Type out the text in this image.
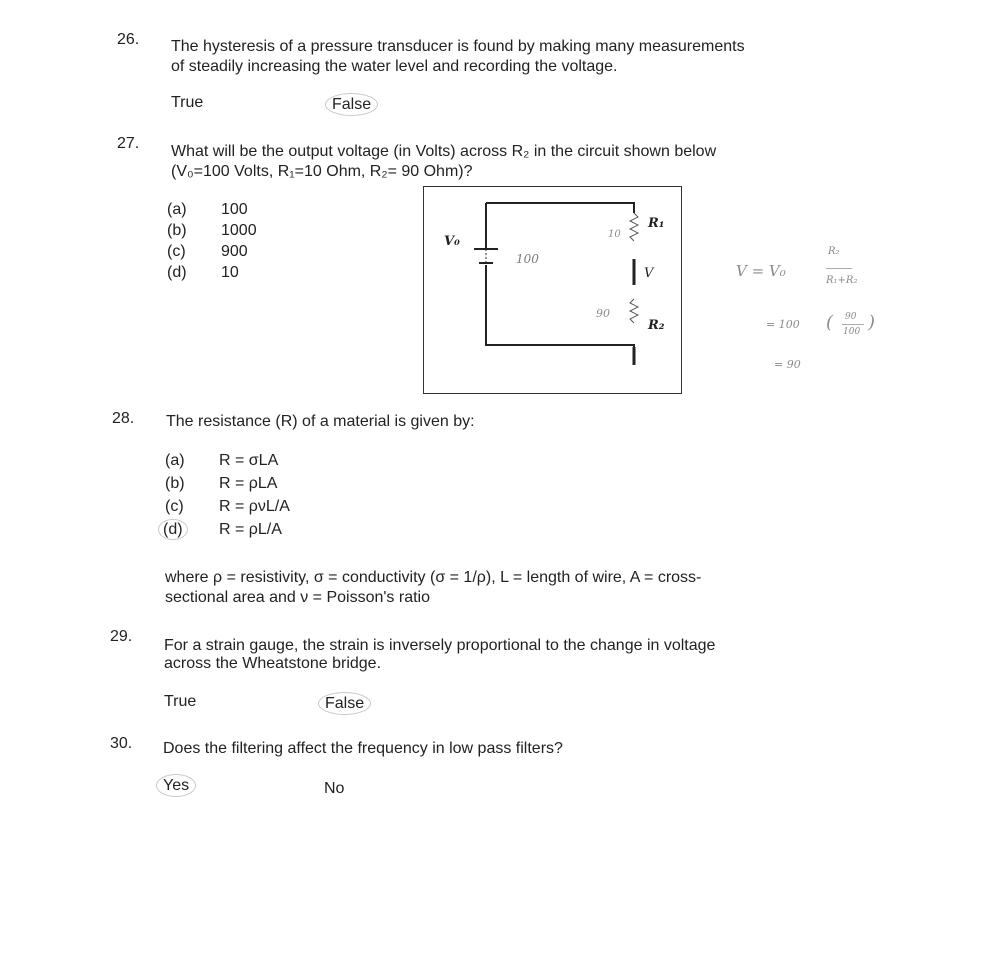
26. The hysteresis of a pressure transducer is found by making many measurements
of steadily increasing the water level and recording the voltage.
True	False
27. What will be the output voltage (in Volts) across R₂ in the circuit shown below
(V₀=100 Volts, R₁=10 Ohm, R₂= 90 Ohm)?
(a) 100
(b) 1000
(c) 900
(d) 10
V₀
R₁
V
R₂
100
10
90
V = V₀
R₂
R₁+R₂
= 100 ( 90
100 )
= 90
28. The resistance (R) of a material is given by:
(a) R = σLA
(b) R = ρLA
(c) R = ρνL/A
(d) R = ρL/A
where ρ = resistivity, σ = conductivity (σ = 1/ρ), L = length of wire, A = cross-
sectional area and ν = Poisson's ratio
29.
For a strain gauge, the strain is inversely proportional to the change in voltage
across the Wheatstone bridge.
True	False
30. Does the filtering affect the frequency in low pass filters?
Yes	No
